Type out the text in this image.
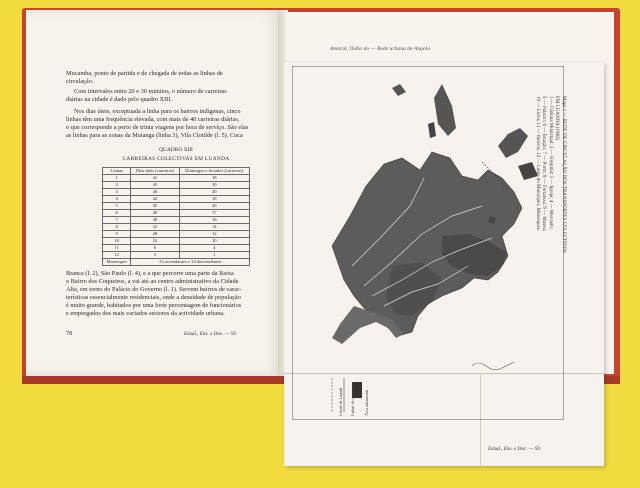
Mucamba, ponto de partida e de chegada de todas as linhas de
circulação.
Com intervalos entre 20 e 30 minutos, o número de carreiras
diárias na cidade é dado pelo quadro XIII.
Nos dias úteis, exceptuada a linha para os bairros indígenas, cinco
linhas têm uma frequência elevada, com mais de 40 carreiras diárias,
o que corresponde a perto de trinta viagens por hora de serviço. São elas
as linhas para as zonas da Muianga (linha 3), Vila Clotilde (l. 5). Cuca
QUADRO XIII
CARREIRAS COLECTIVAS EM LUANDA
Linhas	Dias úteis (carreiras)	Domingos e feriados (carreiras)
1	41	18
2	43	19
3	46	20
4	42	18
5	45	20
6	40	17
7	38	16
8	32	14
9	28	12
10	22	10
11	6	4
12	3	1
Musseques	33 ascendentes e 34 descendentes	
Branca (l. 2), São Paulo (l. 4), e a que percorre uma parte da Baixa
o Bairro dos Coqueiros, a vai até ao centro administrativo da Cidade
Alta, em torno do Palácio do Governo (l. 1). Servem bairros de carac-
terísticas essencialmente residenciais, onde a densidade de população
é muito grande, habitados por uma forte percentagem de funcionários
e empregados dos mais variados sectores da actividade urbana.
78	Estud., Ens. e Doc. — 93
Amaral, Ilídio do — Rede urbana de Angola
Limite de Luanda Linhas de transportes Área urbanizada
Mapa 1 — REDE DE CIRCULAÇÃO DOS TRANSPORTES COLECTIVOS
EM LUANDA (1962)
1 — Câmara Municipal; 2 — Hospital; 3 — Igreja; 4 — Mercado;
5 — Palácio; 6 — Estação; 7 — Porto; 8 — Fortaleza; 9 — Museu;
10 — Liceu; 11 — Bairros; 12 — Largo do Município; Musseques.
Estud., Ens. e Doc. — 93
